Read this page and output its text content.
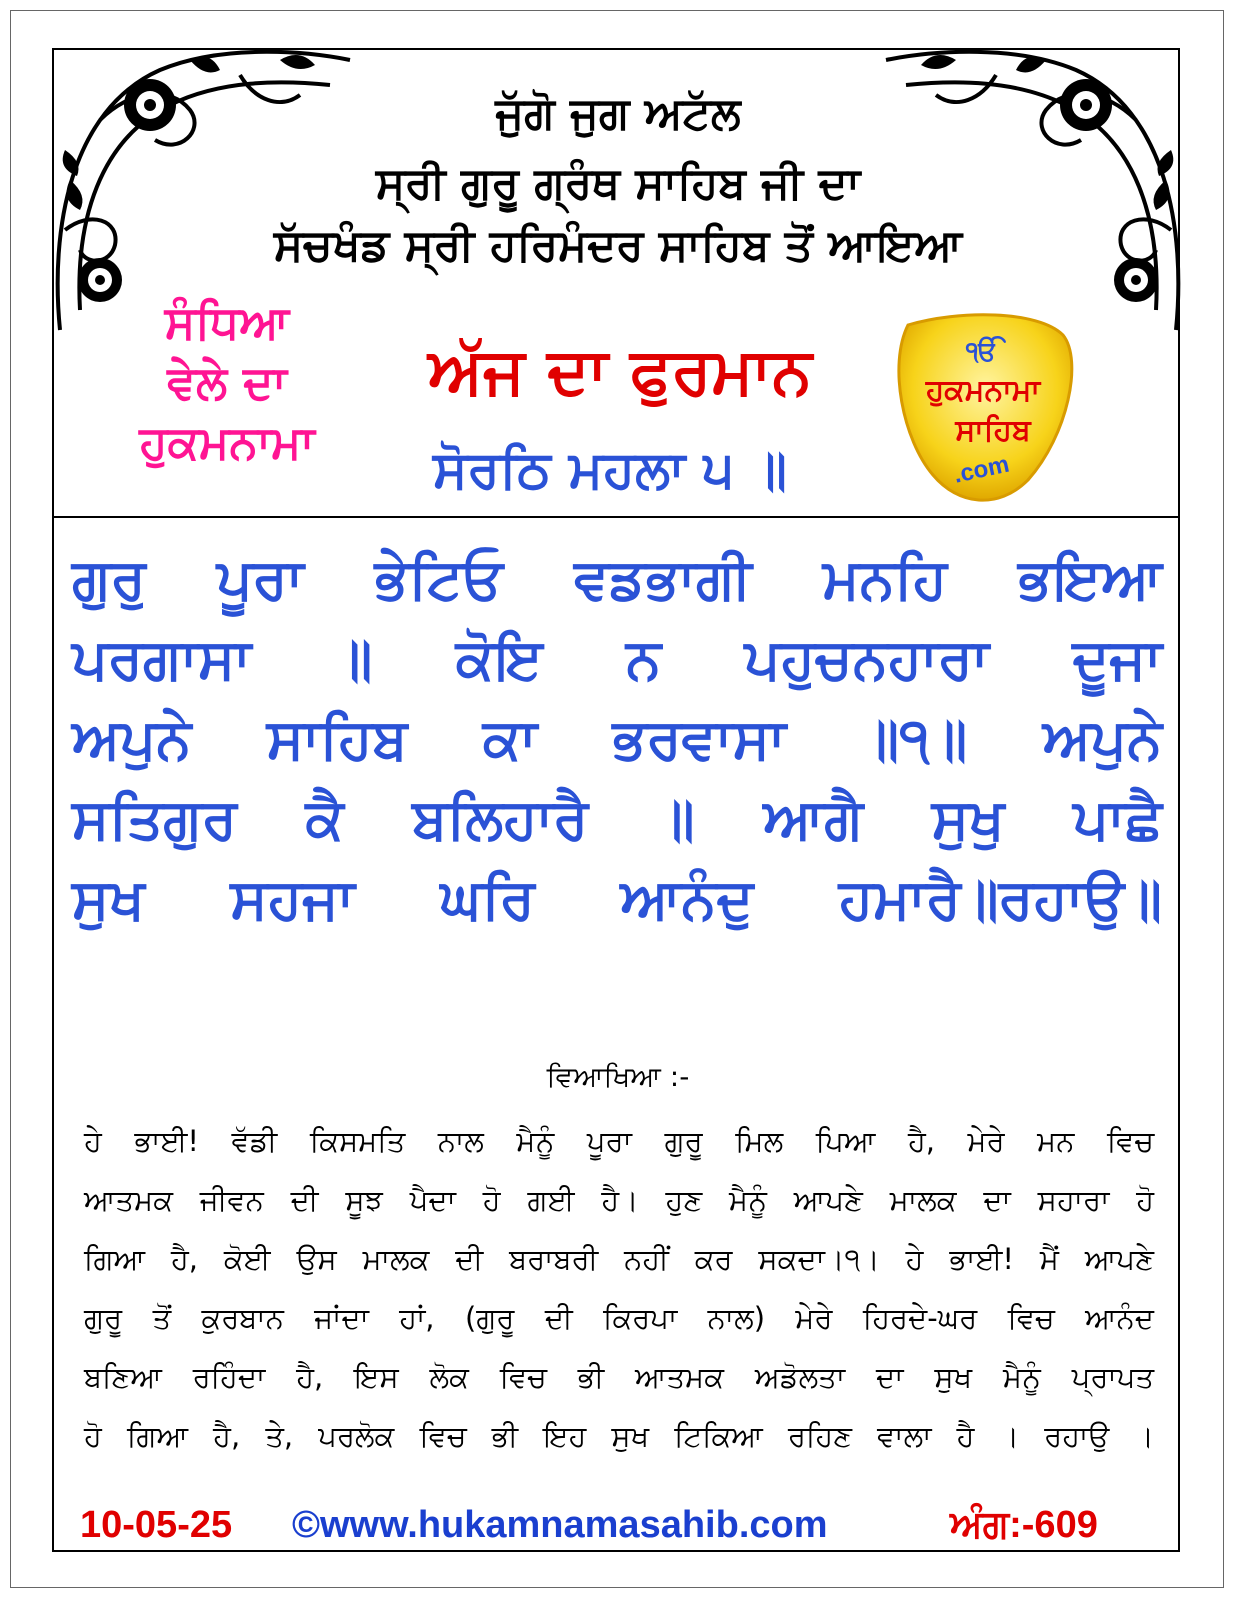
ਜੁੱਗੋ ਜੁਗ ਅਟੱਲ
ਸ੍ਰੀ ਗੁਰੂ ਗ੍ਰੰਥ ਸਾਹਿਬ ਜੀ ਦਾ
ਸੱਚਖੰਡ ਸ੍ਰੀ ਹਰਿਮੰਦਰ ਸਾਹਿਬ ਤੋਂ ਆਇਆ
ਸੰਧਿਆ
ਵੇਲੇ ਦਾ
ਹੁਕਮਨਾਮਾ
ਅੱਜ ਦਾ ਫੁਰਮਾਨ
ਸੋਰਠਿ ਮਹਲਾ ੫ ॥
ੴ
ਹੁਕਮਨਾਮਾ
ਸਾਹਿਬ
.com
ਗੁਰੁ ਪੂਰਾ ਭੇਟਿਓ ਵਡਭਾਗੀ ਮਨਹਿ ਭਇਆ
ਪਰਗਾਸਾ ॥ ਕੋਇ ਨ ਪਹੁਚਨਹਾਰਾ ਦੂਜਾ
ਅਪੁਨੇ ਸਾਹਿਬ ਕਾ ਭਰਵਾਸਾ ॥੧॥ ਅਪੁਨੇ
ਸਤਿਗੁਰ ਕੈ ਬਲਿਹਾਰੈ ॥ ਆਗੈ ਸੁਖੁ ਪਾਛੈ
ਸੁਖ ਸਹਜਾ ਘਰਿ ਆਨੰਦੁ ਹਮਾਰੈ॥ਰਹਾਉ॥
ਵਿਆਖਿਆ :-
ਹੇ ਭਾਈ! ਵੱਡੀ ਕਿਸਮਤਿ ਨਾਲ ਮੈਨੂੰ ਪੂਰਾ ਗੁਰੂ ਮਿਲ ਪਿਆ ਹੈ, ਮੇਰੇ ਮਨ ਵਿਚ
ਆਤਮਕ ਜੀਵਨ ਦੀ ਸੂਝ ਪੈਦਾ ਹੋ ਗਈ ਹੈ। ਹੁਣ ਮੈਨੂੰ ਆਪਣੇ ਮਾਲਕ ਦਾ ਸਹਾਰਾ ਹੋ
ਗਿਆ ਹੈ, ਕੋਈ ਉਸ ਮਾਲਕ ਦੀ ਬਰਾਬਰੀ ਨਹੀਂ ਕਰ ਸਕਦਾ।੧। ਹੇ ਭਾਈ! ਮੈਂ ਆਪਣੇ
ਗੁਰੂ ਤੋਂ ਕੁਰਬਾਨ ਜਾਂਦਾ ਹਾਂ, (ਗੁਰੂ ਦੀ ਕਿਰਪਾ ਨਾਲ) ਮੇਰੇ ਹਿਰਦੇ-ਘਰ ਵਿਚ ਆਨੰਦ
ਬਣਿਆ ਰਹਿੰਦਾ ਹੈ, ਇਸ ਲੋਕ ਵਿਚ ਭੀ ਆਤਮਕ ਅਡੋਲਤਾ ਦਾ ਸੁਖ ਮੈਨੂੰ ਪ੍ਰਾਪਤ
ਹੋ ਗਿਆ ਹੈ, ਤੇ, ਪਰਲੋਕ ਵਿਚ ਭੀ ਇਹ ਸੁਖ ਟਿਕਿਆ ਰਹਿਣ ਵਾਲਾ ਹੈ । ਰਹਾਉ ।
10-05-25 ©www.hukamnamasahib.com	ਅੰਗ:-609
